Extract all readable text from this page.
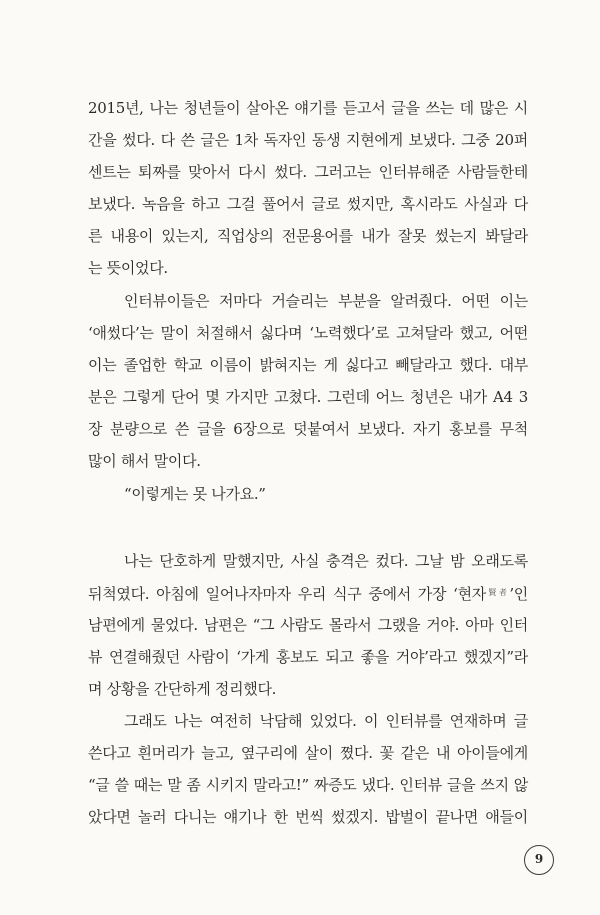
2015년, 나는 청년들이 살아온 얘기를 듣고서 글을 쓰는 데 많은 시
간을 썼다. 다 쓴 글은 1차 독자인 동생 지현에게 보냈다. 그중 20퍼
센트는 퇴짜를 맞아서 다시 썼다. 그러고는 인터뷰해준 사람들한테
보냈다. 녹음을 하고 그걸 풀어서 글로 썼지만, 혹시라도 사실과 다
른 내용이 있는지, 직업상의 전문용어를 내가 잘못 썼는지 봐달라
는 뜻이었다.
인터뷰이들은 저마다 거슬리는 부분을 알려줬다. 어떤 이는
‘애썼다’는 말이 처절해서 싫다며 ‘노력했다’로 고쳐달라 했고, 어떤
이는 졸업한 학교 이름이 밝혀지는 게 싫다고 빼달라고 했다. 대부
분은 그렇게 단어 몇 가지만 고쳤다. 그런데 어느 청년은 내가 A4 3
장 분량으로 쓴 글을 6장으로 덧붙여서 보냈다. 자기 홍보를 무척
많이 해서 말이다.
“이렇게는 못 나가요.”
나는 단호하게 말했지만, 사실 충격은 컸다. 그날 밤 오래도록
뒤척였다. 아침에 일어나자마자 우리 식구 중에서 가장 ‘현자$^{賢者}$’인
남편에게 물었다. 남편은 “그 사람도 몰라서 그랬을 거야. 아마 인터
뷰 연결해줬던 사람이 ‘가게 홍보도 되고 좋을 거야’라고 했겠지”라
며 상황을 간단하게 정리했다.
그래도 나는 여전히 낙담해 있었다. 이 인터뷰를 연재하며 글
쓴다고 흰머리가 늘고, 옆구리에 살이 쪘다. 꽃 같은 내 아이들에게
“글 쓸 때는 말 좀 시키지 말라고!” 짜증도 냈다. 인터뷰 글을 쓰지 않
았다면 놀러 다니는 얘기나 한 번씩 썼겠지. 밥벌이 끝나면 애들이
9
